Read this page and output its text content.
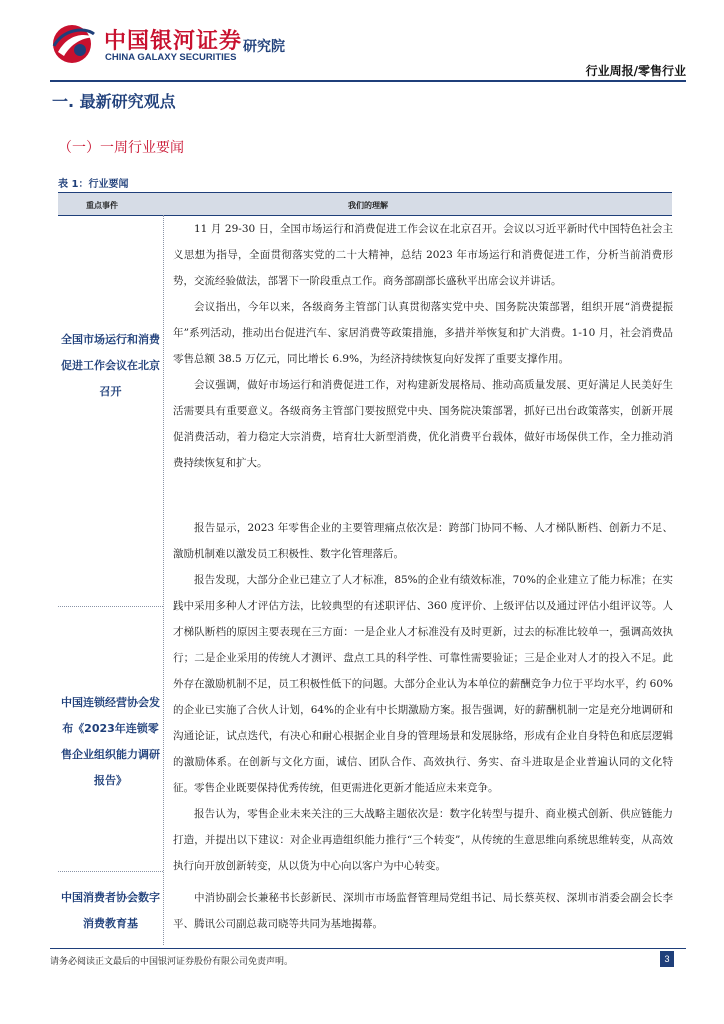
中国银河证券
CHINA GALAXY SECURITIES
研究院
行业周报/零售行业
一. 最新研究观点
（一）一周行业要闻
表 1：行业要闻
重点事件	我们的理解
全国市场运行和消费促进工作会议在北京召开

11 月 29-30 日，全国市场运行和消费促进工作会议在北京召开。会议以习近平新时代中国特色社会主义思想为指导，全面贯彻落实党的二十大精神，总结 2023 年市场运行和消费促进工作，分析当前消费形势，交流经验做法，部署下一阶段重点工作。商务部副部长盛秋平出席会议并讲话。

会议指出，今年以来，各级商务主管部门认真贯彻落实党中央、国务院决策部署，组织开展“消费提振年”系列活动，推动出台促进汽车、家居消费等政策措施，多措并举恢复和扩大消费。1-10 月，社会消费品零售总额 38.5 万亿元，同比增长 6.9%，为经济持续恢复向好发挥了重要支撑作用。

会议强调，做好市场运行和消费促进工作，对构建新发展格局、推动高质量发展、更好满足人民美好生活需要具有重要意义。各级商务主管部门要按照党中央、国务院决策部署，抓好已出台政策落实，创新开展促消费活动，着力稳定大宗消费，培育壮大新型消费，优化消费平台载体，做好市场保供工作，全力推动消费持续恢复和扩大。

中国连锁经营协会发布《2023年连锁零售企业组织能力调研报告》

报告显示，2023 年零售企业的主要管理痛点依次是：跨部门协同不畅、人才梯队断档、创新力不足、激励机制难以激发员工积极性、数字化管理落后。

报告发现，大部分企业已建立了人才标准，85%的企业有绩效标准，70%的企业建立了能力标准；在实践中采用多种人才评估方法，比较典型的有述职评估、360 度评价、上级评估以及通过评估小组评议等。人才梯队断档的原因主要表现在三方面：一是企业人才标准没有及时更新，过去的标准比较单一，强调高效执行；二是企业采用的传统人才测评、盘点工具的科学性、可靠性需要验证；三是企业对人才的投入不足。此外存在激励机制不足，员工积极性低下的问题。大部分企业认为本单位的薪酬竞争力位于平均水平，约 60%的企业已实施了合伙人计划，64%的企业有中长期激励方案。报告强调，好的薪酬机制一定是充分地调研和沟通论证，试点迭代，有决心和耐心根据企业自身的管理场景和发展脉络，形成有企业自身特色和底层逻辑的激励体系。在创新与文化方面，诚信、团队合作、高效执行、务实、奋斗进取是企业普遍认同的文化特征。零售企业既要保持优秀传统，但更需进化更新才能适应未来竞争。

报告认为，零售企业未来关注的三大战略主题依次是：数字化转型与提升、商业模式创新、供应链能力打造，并提出以下建议：对企业再造组织能力推行“三个转变”，从传统的生意思维向系统思维转变，从高效执行向开放创新转变，从以货为中心向以客户为中心转变。

中国消费者协会数字消费教育基

中消协副会长兼秘书长彭新民、深圳市市场监督管理局党组书记、局长蔡英杈、深圳市消委会副会长李平、腾讯公司副总裁司晓等共同为基地揭幕。

请务必阅读正文最后的中国银河证券股份有限公司免责声明。	3
